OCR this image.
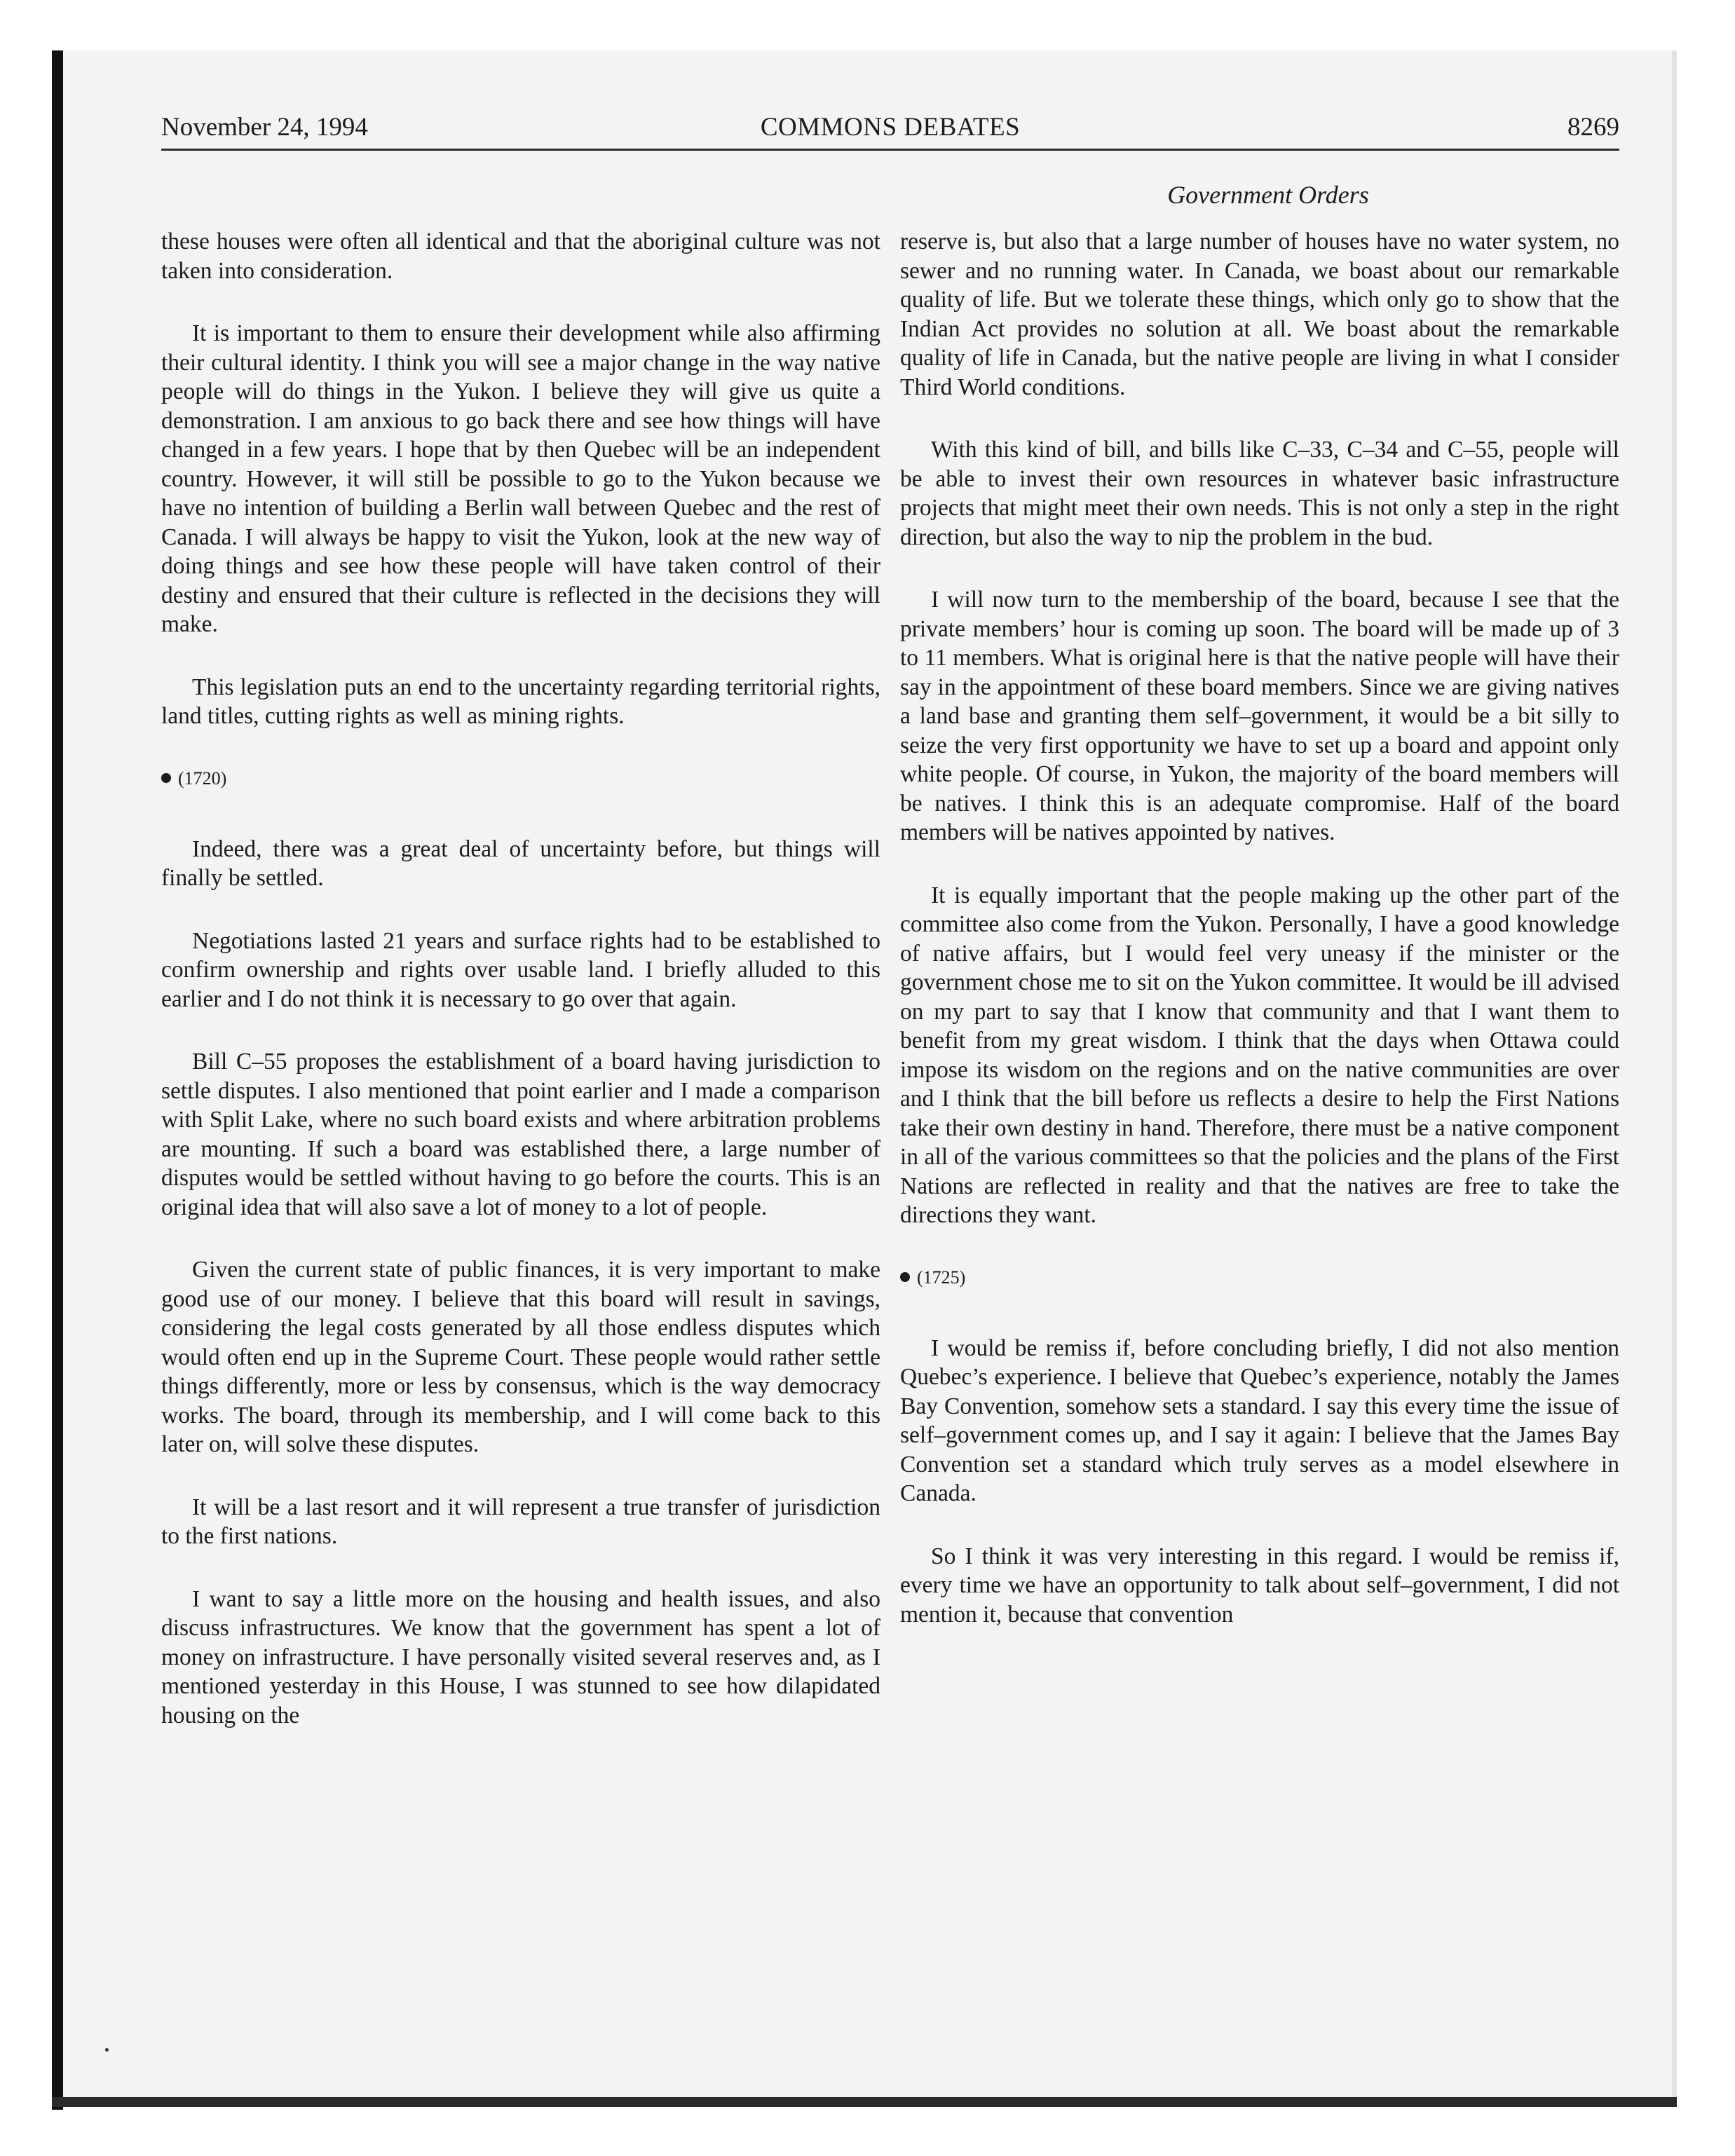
COMMONS DEBATES
November 24, 1994	8269
Government Orders

these houses were often all identical and that the aboriginal culture was not taken into consideration.

It is important to them to ensure their development while also affirming their cultural identity. I think you will see a major change in the way native people will do things in the Yukon. I believe they will give us quite a demonstration. I am anxious to go back there and see how things will have changed in a few years. I hope that by then Quebec will be an independent country. However, it will still be possible to go to the Yukon because we have no intention of building a Berlin wall between Quebec and the rest of Canada. I will always be happy to visit the Yukon, look at the new way of doing things and see how these people will have taken control of their destiny and ensured that their culture is reflected in the decisions they will make.

This legislation puts an end to the uncertainty regarding territorial rights, land titles, cutting rights as well as mining rights.

(1720)

Indeed, there was a great deal of uncertainty before, but things will finally be settled.

Negotiations lasted 21 years and surface rights had to be established to confirm ownership and rights over usable land. I briefly alluded to this earlier and I do not think it is necessary to go over that again.

Bill C–55 proposes the establishment of a board having jurisdiction to settle disputes. I also mentioned that point earlier and I made a comparison with Split Lake, where no such board exists and where arbitration problems are mounting. If such a board was established there, a large number of disputes would be settled without having to go before the courts. This is an original idea that will also save a lot of money to a lot of people.

Given the current state of public finances, it is very important to make good use of our money. I believe that this board will result in savings, considering the legal costs generated by all those endless disputes which would often end up in the Supreme Court. These people would rather settle things differently, more or less by consensus, which is the way democracy works. The board, through its membership, and I will come back to this later on, will solve these disputes.

It will be a last resort and it will represent a true transfer of jurisdiction to the first nations.

I want to say a little more on the housing and health issues, and also discuss infrastructures. We know that the government has spent a lot of money on infrastructure. I have personally visited several reserves and, as I mentioned yesterday in this House, I was stunned to see how dilapidated housing on the

reserve is, but also that a large number of houses have no water system, no sewer and no running water. In Canada, we boast about our remarkable quality of life. But we tolerate these things, which only go to show that the Indian Act provides no solution at all. We boast about the remarkable quality of life in Canada, but the native people are living in what I consider Third World conditions.

With this kind of bill, and bills like C–33, C–34 and C–55, people will be able to invest their own resources in whatever basic infrastructure projects that might meet their own needs. This is not only a step in the right direction, but also the way to nip the problem in the bud.

I will now turn to the membership of the board, because I see that the private members’ hour is coming up soon. The board will be made up of 3 to 11 members. What is original here is that the native people will have their say in the appointment of these board members. Since we are giving natives a land base and granting them self–government, it would be a bit silly to seize the very first opportunity we have to set up a board and appoint only white people. Of course, in Yukon, the majority of the board members will be natives. I think this is an adequate compromise. Half of the board members will be natives appointed by natives.

It is equally important that the people making up the other part of the committee also come from the Yukon. Personally, I have a good knowledge of native affairs, but I would feel very uneasy if the minister or the government chose me to sit on the Yukon committee. It would be ill advised on my part to say that I know that community and that I want them to benefit from my great wisdom. I think that the days when Ottawa could impose its wisdom on the regions and on the native communities are over and I think that the bill before us reflects a desire to help the First Nations take their own destiny in hand. Therefore, there must be a native component in all of the various committees so that the policies and the plans of the First Nations are reflected in reality and that the natives are free to take the directions they want.

(1725)

I would be remiss if, before concluding briefly, I did not also mention Quebec’s experience. I believe that Quebec’s experience, notably the James Bay Convention, somehow sets a standard. I say this every time the issue of self–government comes up, and I say it again: I believe that the James Bay Convention set a standard which truly serves as a model elsewhere in Canada.

So I think it was very interesting in this regard. I would be remiss if, every time we have an opportunity to talk about self–government, I did not mention it, because that convention
